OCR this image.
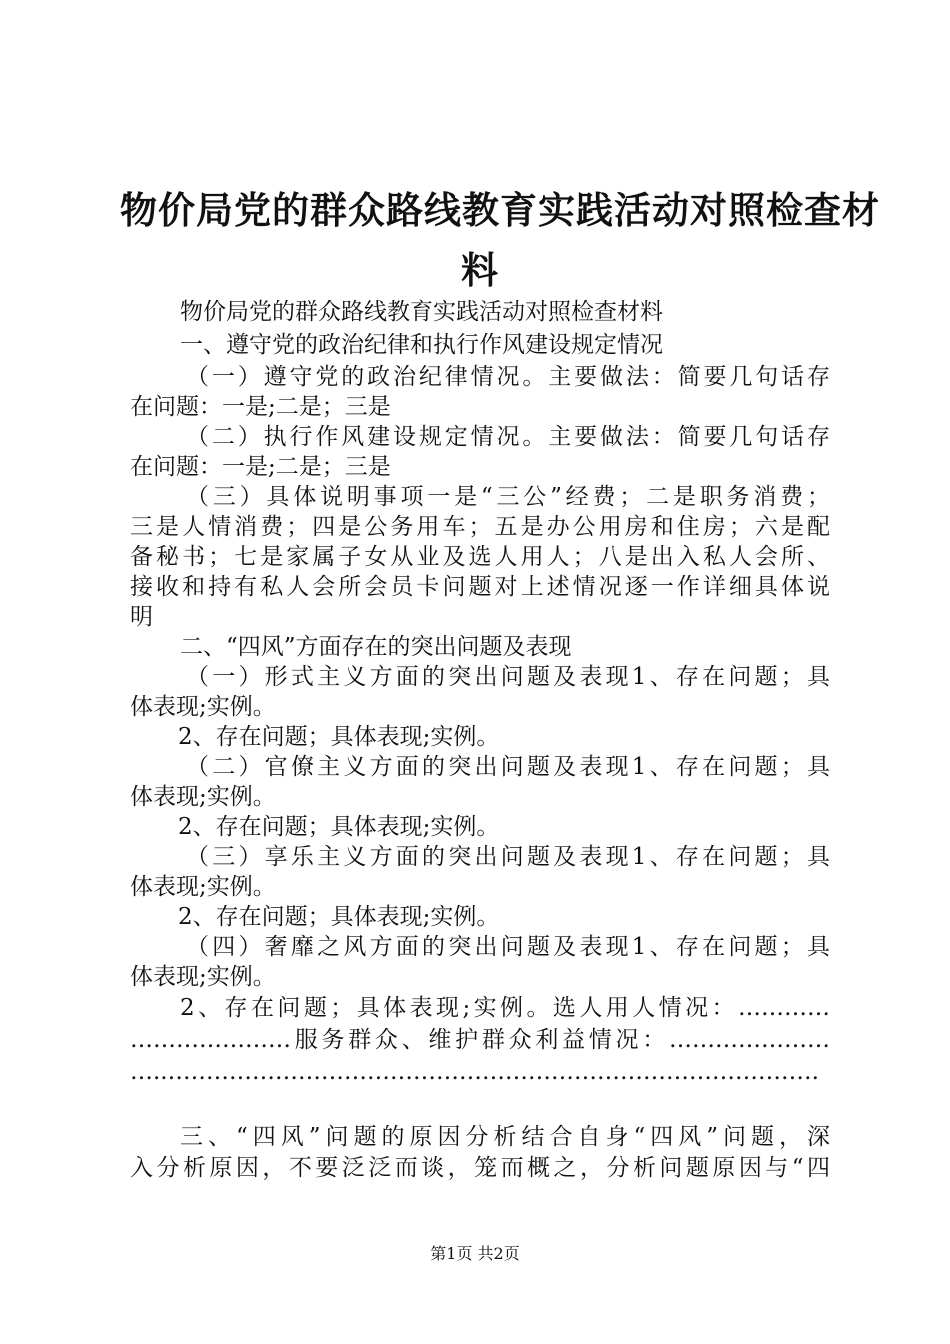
物价局党的群众路线教育实践活动对照检查材
料
物价局党的群众路线教育实践活动对照检查材料
一、遵守党的政治纪律和执行作风建设规定情况
（一）遵守党的政治纪律情况。主要做法：简要几句话存
在问题：一是;二是；三是
（二）执行作风建设规定情况。主要做法：简要几句话存
在问题：一是;二是；三是
（三）具体说明事项一是“三公”经费；二是职务消费；
三是人情消费；四是公务用车；五是办公用房和住房；六是配
备秘书；七是家属子女从业及选人用人；八是出入私人会所、
接收和持有私人会所会员卡问题对上述情况逐一作详细具体说
明
二、“四风”方面存在的突出问题及表现
（一）形式主义方面的突出问题及表现1、存在问题；具
体表现;实例。
2、存在问题；具体表现;实例。
（二）官僚主义方面的突出问题及表现1、存在问题；具
体表现;实例。
2、存在问题；具体表现;实例。
（三）享乐主义方面的突出问题及表现1、存在问题；具
体表现;实例。
2、存在问题；具体表现;实例。
（四）奢靡之风方面的突出问题及表现1、存在问题；具
体表现;实例。
2、存在问题；具体表现;实例。选人用人情况：…………
…………………服务群众、维护群众利益情况：…………………
…..………………………………………………………………………….
三、“四风”问题的原因分析结合自身“四风”问题，深
入分析原因，不要泛泛而谈，笼而概之，分析问题原因与“四
第1页 共2页
